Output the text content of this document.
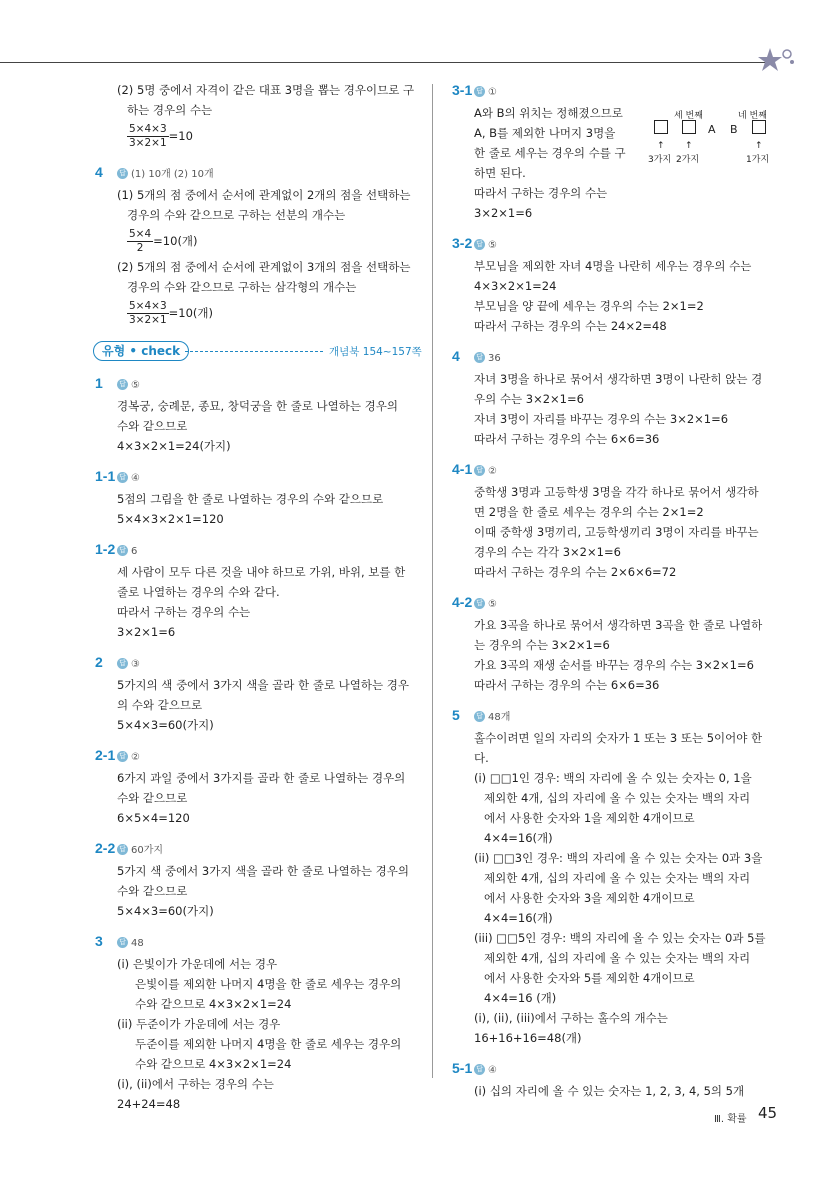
(2) 5명 중에서 자격이 같은 대표 3명을 뽑는 경우이므로 구
하는 경우의 수는
$\frac{5\times 4\times 3}{3\times 2\times 1} =10$
4 답 (1) 10개 (2) 10개
(1) 5개의 점 중에서 순서에 관계없이 2개의 점을 선택하는
경우의 수와 같으므로 구하는 선분의 개수는
$\frac{5\times 4}{2} =10$(개)
(2) 5개의 점 중에서 순서에 관계없이 3개의 점을 선택하는
경우의 수와 같으므로 구하는 삼각형의 개수는
$\frac{5\times 4\times 3}{3\times 2\times 1} =10$(개)
유형 • check	개념북 154~157쪽
1 답 ⑤
경복궁, 숭례문, 종묘, 창덕궁을 한 줄로 나열하는 경우의
수와 같으므로
4×3×2×1=24(가지)
1-1 답 ④
5점의 그림을 한 줄로 나열하는 경우의 수와 같으므로
5×4×3×2×1=120
1-2 답 6
세 사람이 모두 다른 것을 내야 하므로 가위, 바위, 보를 한
줄로 나열하는 경우의 수와 같다.
따라서 구하는 경우의 수는
3×2×1=6
2 답 ③
5가지의 색 중에서 3가지 색을 골라 한 줄로 나열하는 경우
의 수와 같으므로
5×4×3=60(가지)
2-1 답 ②
6가지 과일 중에서 3가지를 골라 한 줄로 나열하는 경우의
수와 같으므로
6×5×4=120
2-2 답 60가지
5가지 색 중에서 3가지 색을 골라 한 줄로 나열하는 경우의
수와 같으므로
5×4×3=60(가지)
3 답 48
(i) 은빛이가 가운데에 서는 경우
은빛이를 제외한 나머지 4명을 한 줄로 세우는 경우의
수와 같으므로 4×3×2×1=24
(ii) 두준이가 가운데에 서는 경우
두준이를 제외한 나머지 4명을 한 줄로 세우는 경우의
수와 같으므로 4×3×2×1=24
(i), (ii)에서 구하는 경우의 수는
24+24=48
3-1 답 ①
A와 B의 위치는 정해졌으므로
A, B를 제외한 나머지 3명을
한 줄로 세우는 경우의 수를 구
하면 된다.
따라서 구하는 경우의 수는
3×2×1=6
세 번째	네 번째
A B
↑ ↑	↑
3가지 2가지	1가지
3-2 답 ⑤
부모님을 제외한 자녀 4명을 나란히 세우는 경우의 수는
4×3×2×1=24
부모님을 양 끝에 세우는 경우의 수는 2×1=2
따라서 구하는 경우의 수는 24×2=48
4 답 36
자녀 3명을 하나로 묶어서 생각하면 3명이 나란히 앉는 경
우의 수는 3×2×1=6
자녀 3명이 자리를 바꾸는 경우의 수는 3×2×1=6
따라서 구하는 경우의 수는 6×6=36
4-1 답 ②
중학생 3명과 고등학생 3명을 각각 하나로 묶어서 생각하
면 2명을 한 줄로 세우는 경우의 수는 2×1=2
이때 중학생 3명끼리, 고등학생끼리 3명이 자리를 바꾸는
경우의 수는 각각 3×2×1=6
따라서 구하는 경우의 수는 2×6×6=72
4-2 답 ⑤
가요 3곡을 하나로 묶어서 생각하면 3곡을 한 줄로 나열하
는 경우의 수는 3×2×1=6
가요 3곡의 재생 순서를 바꾸는 경우의 수는 3×2×1=6
따라서 구하는 경우의 수는 6×6=36
5 답 48개
홀수이려면 일의 자리의 숫자가 1 또는 3 또는 5이어야 한
다.
(i) □□1인 경우: 백의 자리에 올 수 있는 숫자는 0, 1을
제외한 4개, 십의 자리에 올 수 있는 숫자는 백의 자리
에서 사용한 숫자와 1을 제외한 4개이므로
4×4=16(개)
(ii) □□3인 경우: 백의 자리에 올 수 있는 숫자는 0과 3을
제외한 4개, 십의 자리에 올 수 있는 숫자는 백의 자리
에서 사용한 숫자와 3을 제외한 4개이므로
4×4=16(개)
(iii) □□5인 경우: 백의 자리에 올 수 있는 숫자는 0과 5를
제외한 4개, 십의 자리에 올 수 있는 숫자는 백의 자리
에서 사용한 숫자와 5를 제외한 4개이므로
4×4=16 (개)
(i), (ii), (iii)에서 구하는 홀수의 개수는
16+16+16=48(개)
5-1 답 ④
(i) 십의 자리에 올 수 있는 숫자는 1, 2, 3, 4, 5의 5개
Ⅲ. 확률 45
